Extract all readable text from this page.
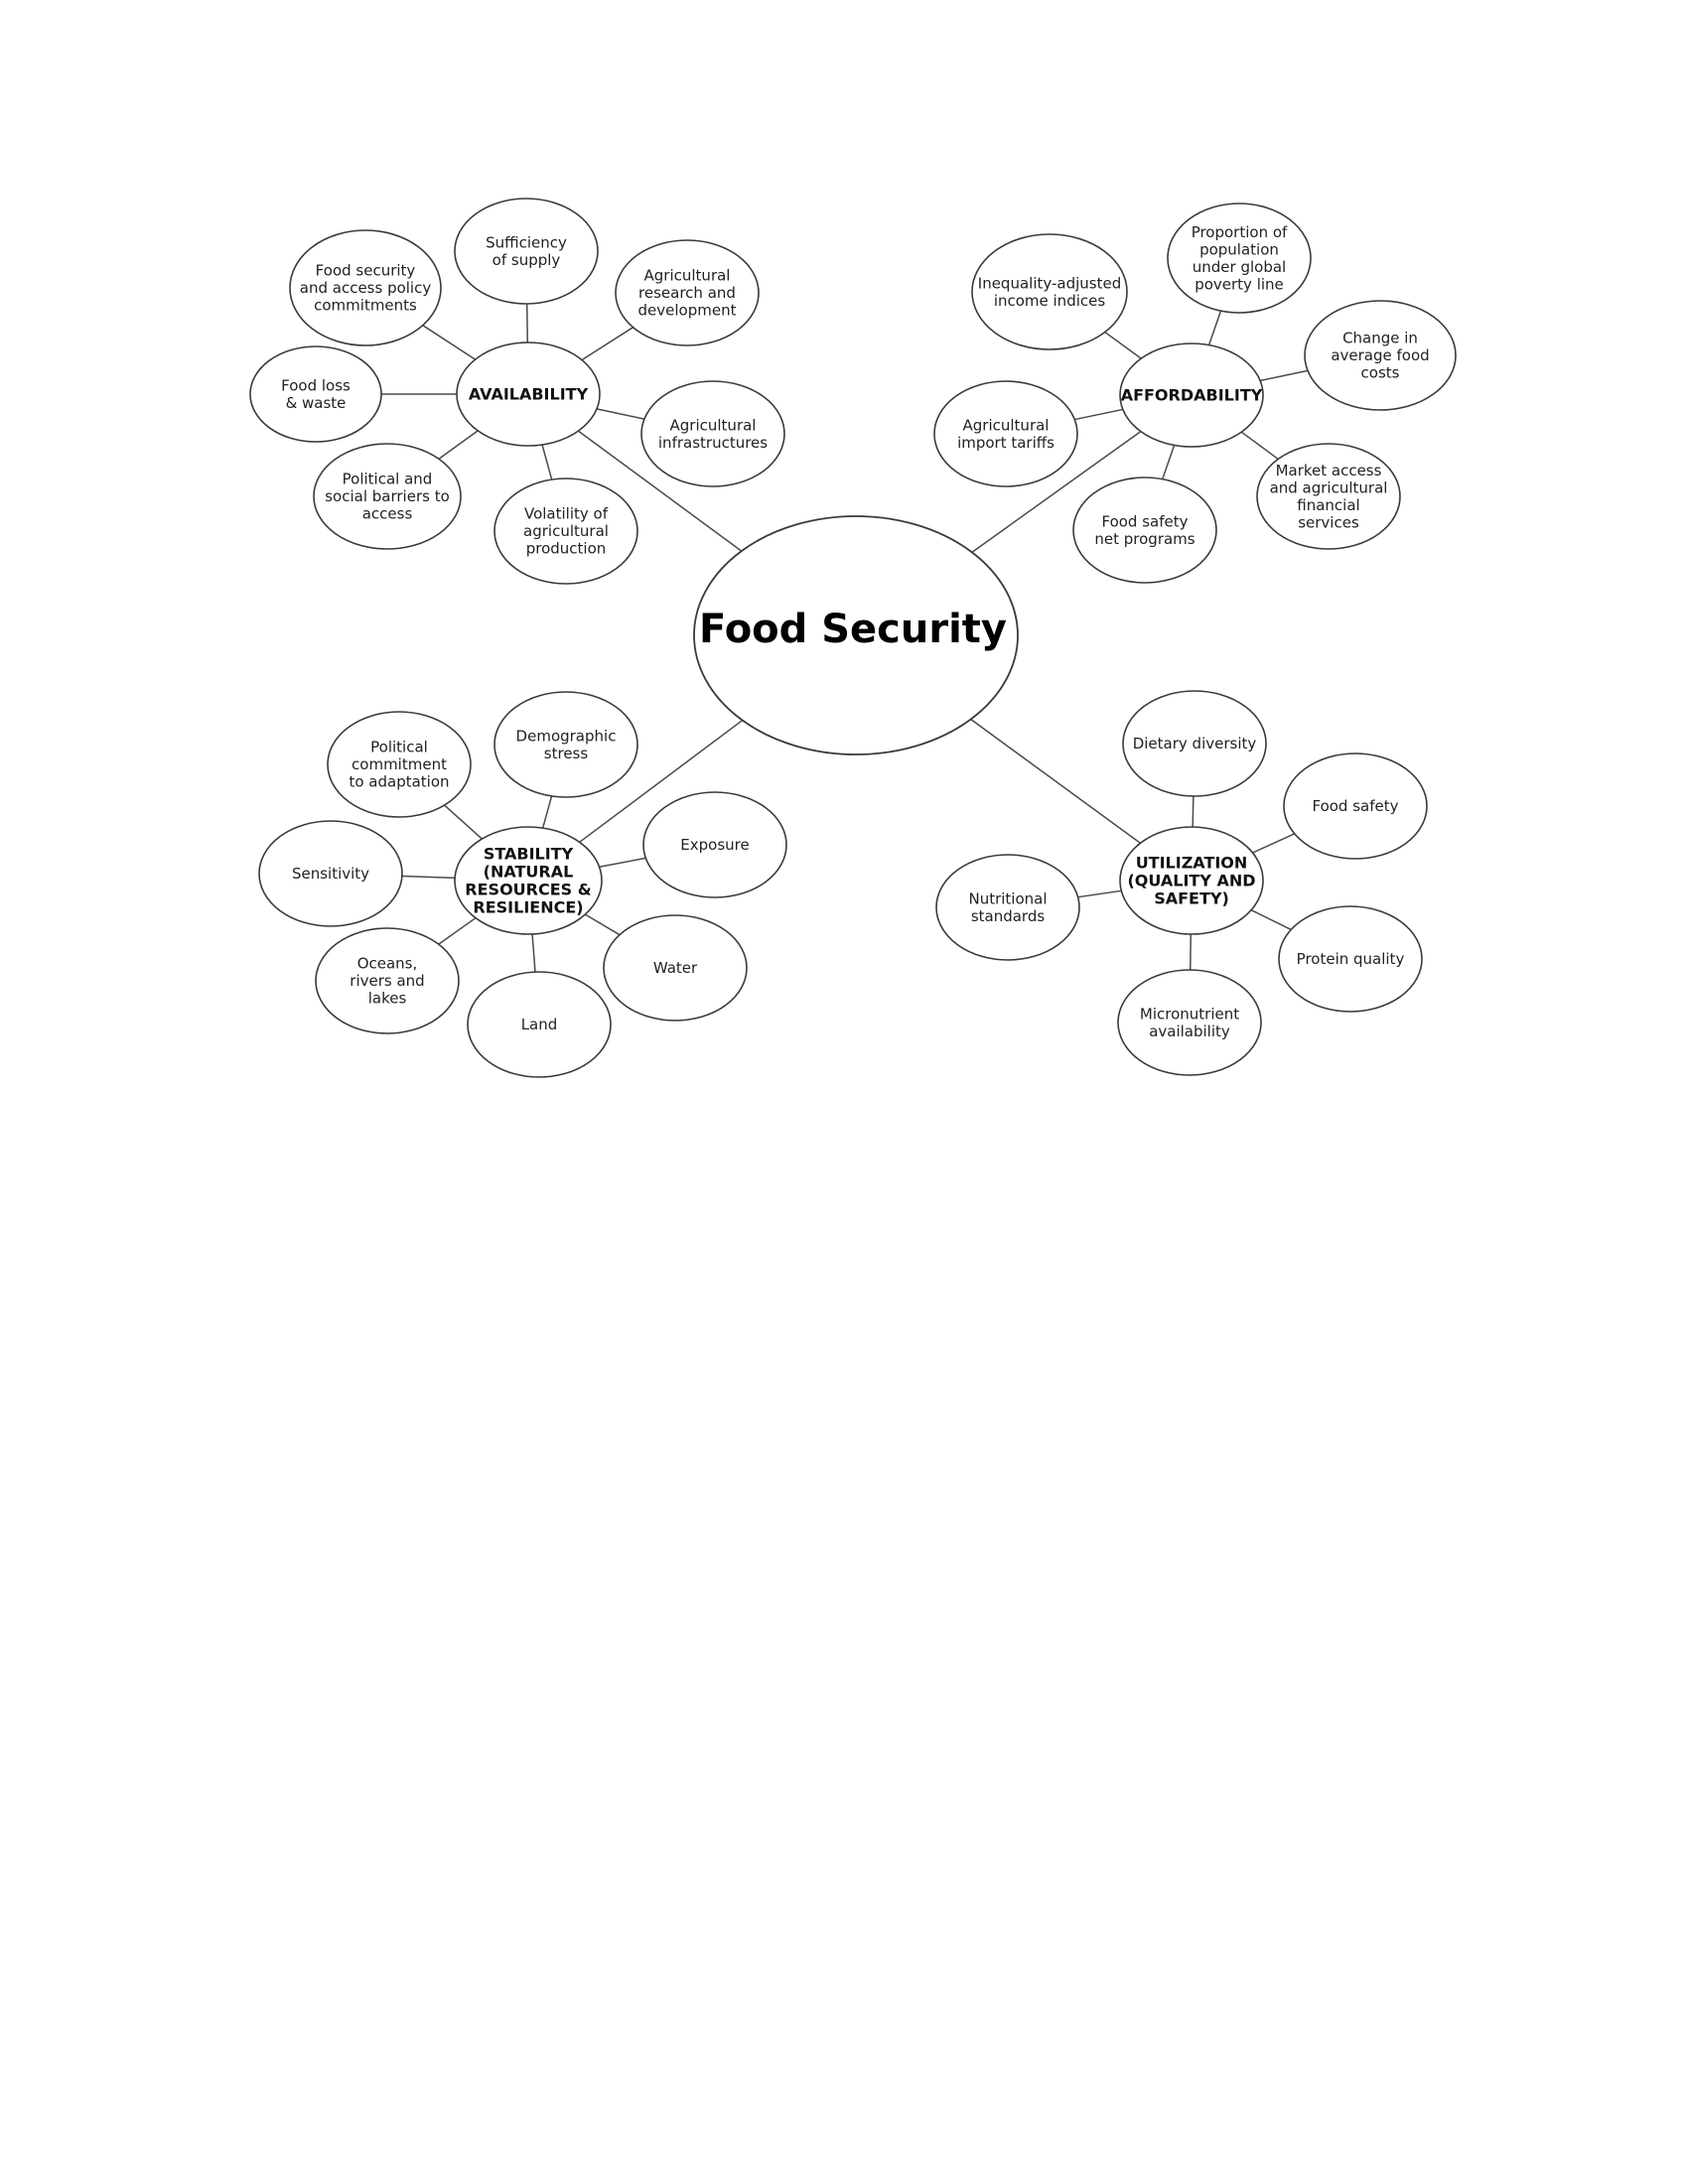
Food Security
AVAILABILITY
Food security
and access policy
commitments
Sufficiency
of supply
Agricultural
research and
development
Food loss
& waste
Agricultural
infrastructures
Political and
social barriers to
access	Volatility of
agricultural
production
AFFORDABILITY
Inequality-adjusted
income indices
Proportion of
population
under global
poverty line
Change in
average food
costs
Agricultural
import tariffs
Market access
and agricultural
financial
services
Food safety
net programs
STABILITY
(NATURAL
RESOURCES &
RESILIENCE)
Political
commitment
to adaptation
Demographic
stress
Exposure
Sensitivity
Water
Oceans,
rivers and
lakes
Land
UTILIZATION
(QUALITY AND
SAFETY)
Dietary diversity
Food safety
Nutritional
standards
Protein quality
Micronutrient
availability
